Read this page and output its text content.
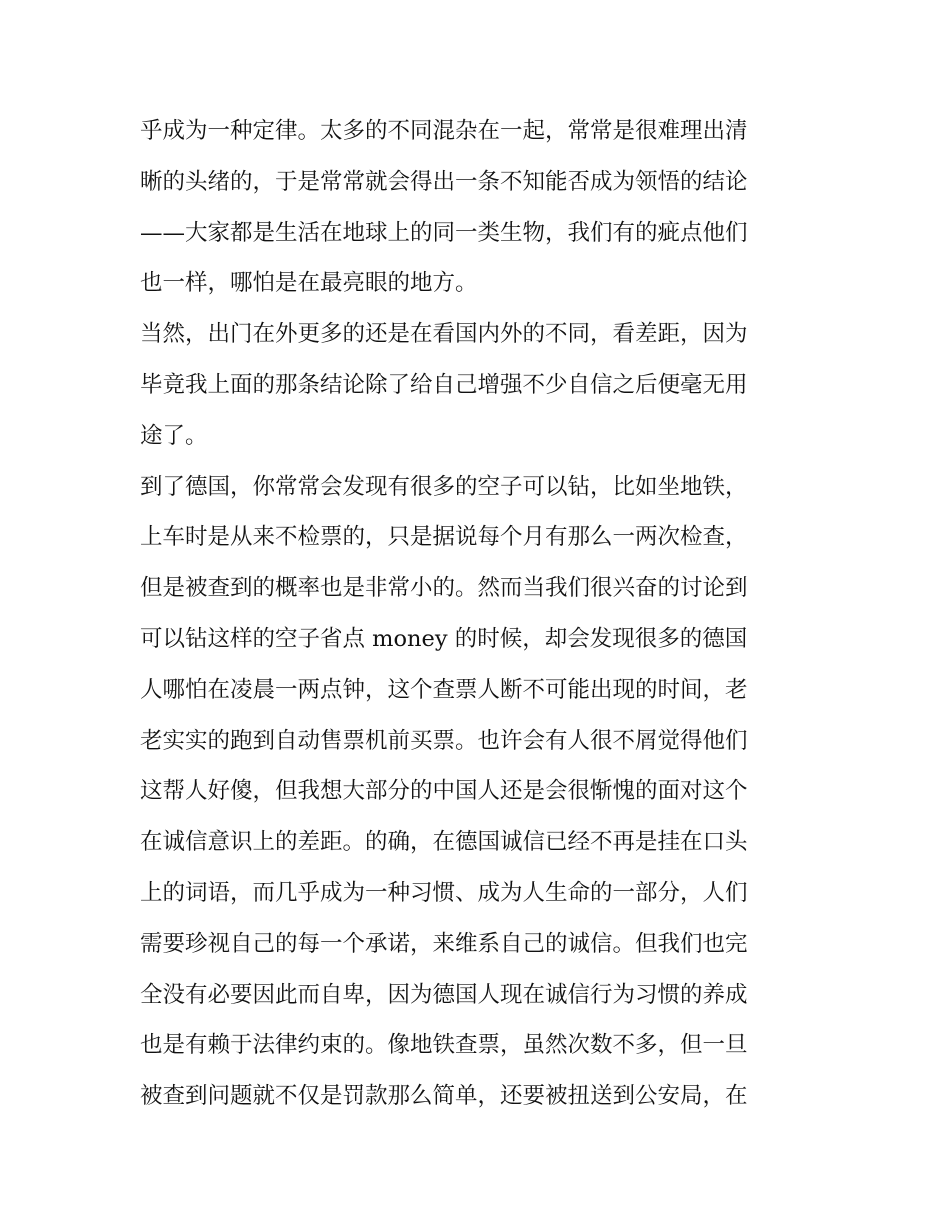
乎成为一种定律。太多的不同混杂在一起，常常是很难理出清

晰的头绪的，于是常常就会得出一条不知能否成为领悟的结论

——大家都是生活在地球上的同一类生物，我们有的疵点他们

也一样，哪怕是在最亮眼的地方。

当然，出门在外更多的还是在看国内外的不同，看差距，因为

毕竟我上面的那条结论除了给自己增强不少自信之后便毫无用

途了。

到了德国，你常常会发现有很多的空子可以钻，比如坐地铁，

上车时是从来不检票的，只是据说每个月有那么一两次检查，

但是被查到的概率也是非常小的。然而当我们很兴奋的讨论到

可以钻这样的空子省点 money 的时候，却会发现很多的德国

人哪怕在凌晨一两点钟，这个查票人断不可能出现的时间，老

老实实的跑到自动售票机前买票。也许会有人很不屑觉得他们

这帮人好傻，但我想大部分的中国人还是会很惭愧的面对这个

在诚信意识上的差距。的确，在德国诚信已经不再是挂在口头

上的词语，而几乎成为一种习惯、成为人生命的一部分，人们

需要珍视自己的每一个承诺，来维系自己的诚信。但我们也完

全没有必要因此而自卑，因为德国人现在诚信行为习惯的养成

也是有赖于法律约束的。像地铁查票，虽然次数不多，但一旦

被查到问题就不仅是罚款那么简单，还要被扭送到公安局，在
